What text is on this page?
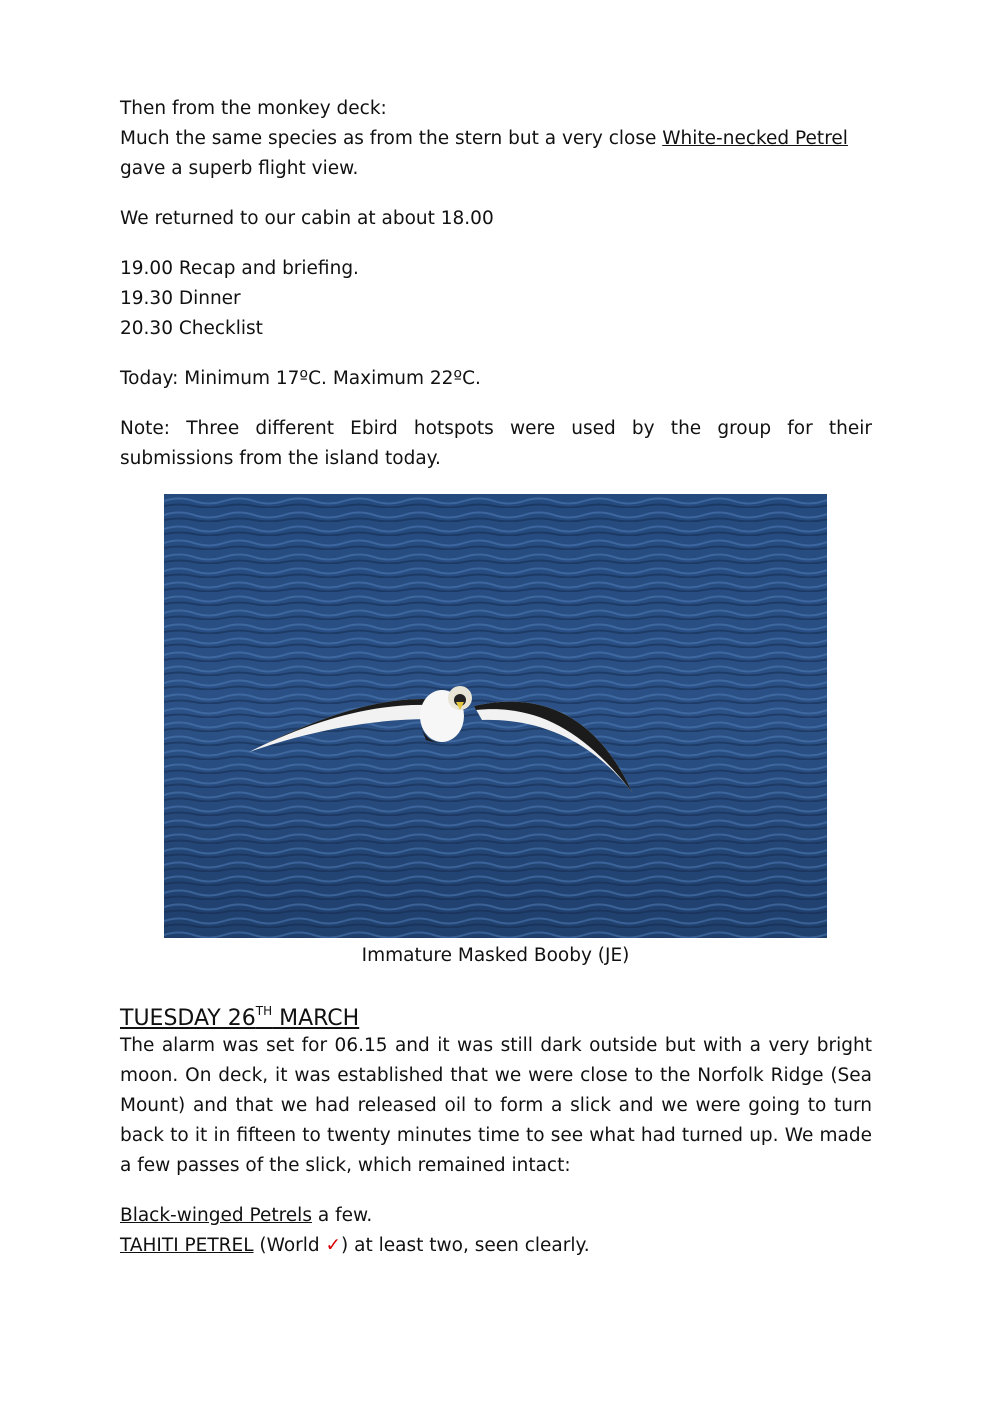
Then from the monkey deck:
Much the same species as from the stern but a very close White-necked Petrel
gave a superb flight view.

We returned to our cabin at about 18.00

19.00 Recap and briefing.
19.30 Dinner
20.30 Checklist

Today: Minimum 17ºC. Maximum 22ºC.

Note: Three different Ebird hotspots were used by the group for their submissions from the island today.

Immature Masked Booby (JE)
TUESDAY 26TH MARCH

The alarm was set for 06.15 and it was still dark outside but with a very bright moon. On deck, it was established that we were close to the Norfolk Ridge (Sea Mount) and that we had released oil to form a slick and we were going to turn back to it in fifteen to twenty minutes time to see what had turned up. We made a few passes of the slick, which remained intact:

Black-winged Petrels a few.
TAHITI PETREL (World ✓) at least two, seen clearly.
